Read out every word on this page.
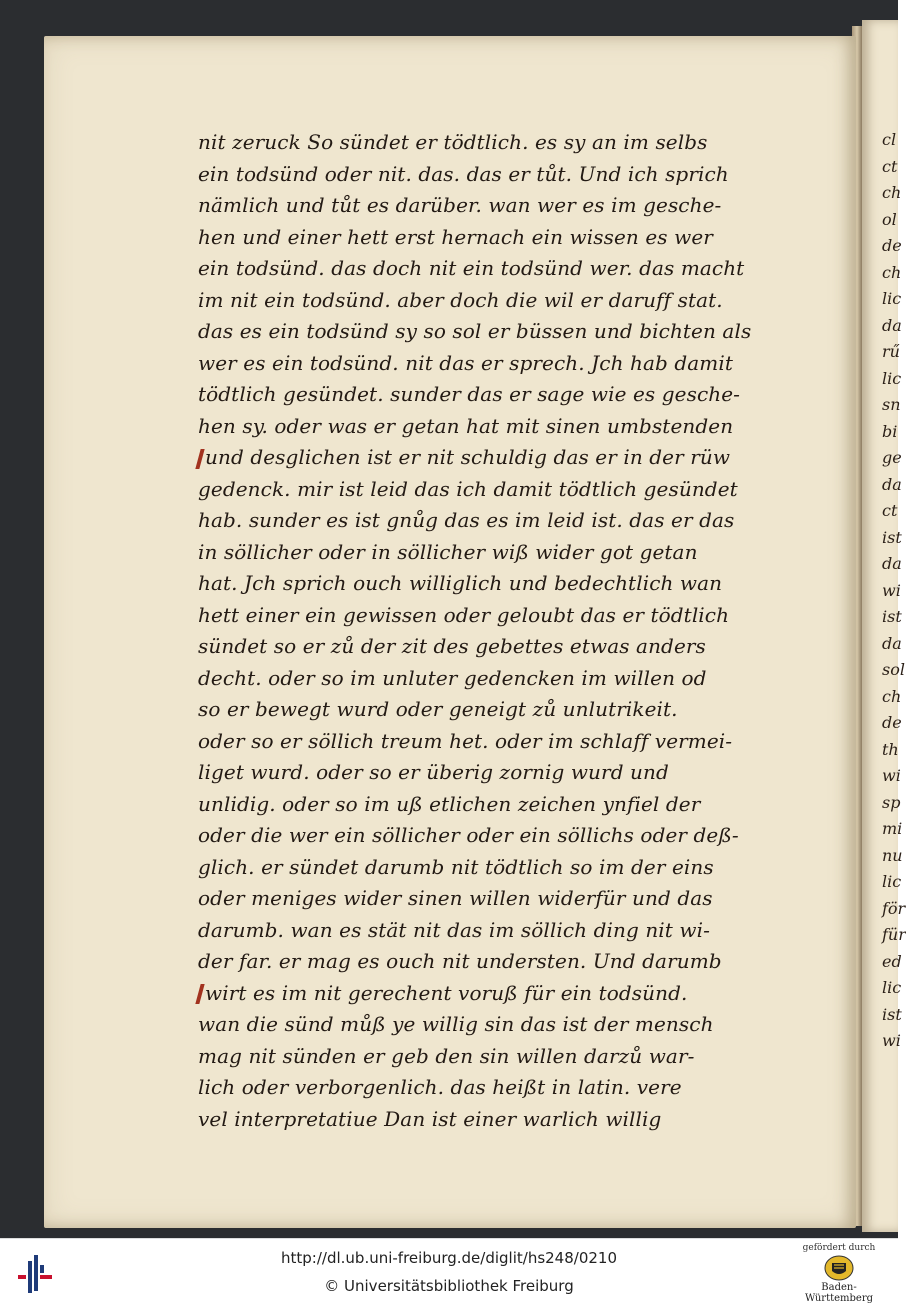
cl
ct
ch
ol
de
ch
lic
da
rű
lic
sn
bi
ge
da
ct
ist
da
wi
ist
da
sol
ch
de
th
wi
sp
mi
nu
lic
för
für
ed
lic
ist
wi
nit zeruck So sündet er tödtlich. es sy an im selbs
ein todsünd oder nit. das. das er tůt. Und ich sprich
nämlich und tůt es darüber. wan wer es im gesche-
hen und einer hett erst hernach ein wissen es wer
ein todsünd. das doch nit ein todsünd wer. das macht
im nit ein todsünd. aber doch die wil er daruff stat.
das es ein todsünd sy so sol er büssen und bichten als
wer es ein todsünd. nit das er sprech. Jch hab damit
tödtlich gesündet. sunder das er sage wie es gesche-
hen sy. oder was er getan hat mit sinen umbstenden
und desglichen ist er nit schuldig das er in der rüw
gedenck. mir ist leid das ich damit tödtlich gesündet
hab. sunder es ist gnůg das es im leid ist. das er das
in söllicher oder in söllicher wiß wider got getan
hat. Jch sprich ouch williglich und bedechtlich wan
hett einer ein gewissen oder geloubt das er tödtlich
sündet so er zů der zit des gebettes etwas anders
decht. oder so im unluter gedencken im willen od
so er bewegt wurd oder geneigt zů unlutrikeit.
oder so er söllich treum het. oder im schlaff vermei-
liget wurd. oder so er überig zornig wurd und
unlidig. oder so im uß etlichen zeichen ynfiel der
oder die wer ein söllicher oder ein söllichs oder deß-
glich. er sündet darumb nit tödtlich so im der eins
oder meniges wider sinen willen widerfür und das
darumb. wan es stät nit das im söllich ding nit wi-
der far. er mag es ouch nit understen. Und darumb
wirt es im nit gerechent voruß für ein todsünd.
wan die sünd můß ye willig sin das ist der mensch
mag nit sünden er geb den sin willen darzů war-
lich oder verborgenlich. das heißt in latin. vere
vel interpretatiue Dan ist einer warlich willig
http://dl.ub.uni-freiburg.de/diglit/hs248/0210
© Universitätsbibliothek Freiburg
gefördert durch
Baden-Württemberg
